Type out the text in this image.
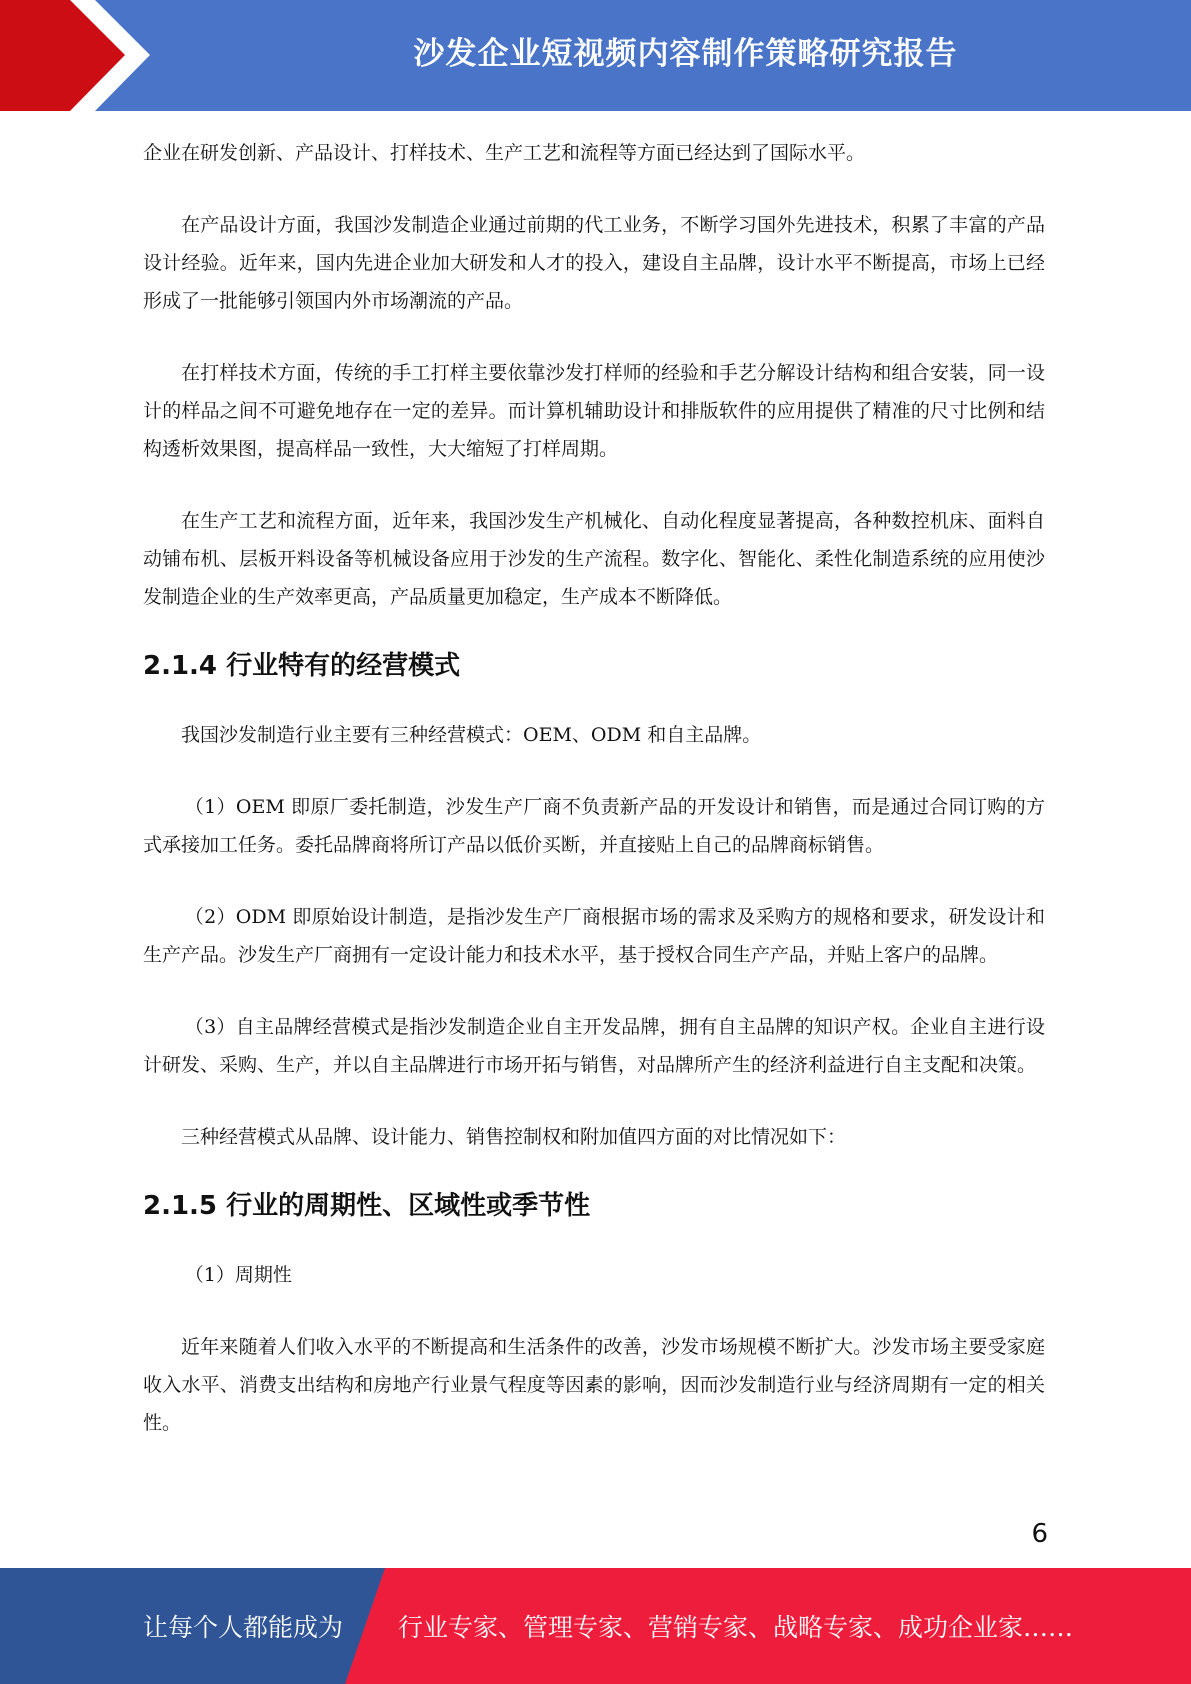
沙发企业短视频内容制作策略研究报告

企业在研发创新、产品设计、打样技术、生产工艺和流程等方面已经达到了国际水平。

在产品设计方面，我国沙发制造企业通过前期的代工业务，不断学习国外先进技术，积累了丰富的产品设计经验。近年来，国内先进企业加大研发和人才的投入，建设自主品牌，设计水平不断提高，市场上已经形成了一批能够引领国内外市场潮流的产品。

在打样技术方面，传统的手工打样主要依靠沙发打样师的经验和手艺分解设计结构和组合安装，同一设计的样品之间不可避免地存在一定的差异。而计算机辅助设计和排版软件的应用提供了精准的尺寸比例和结构透析效果图，提高样品一致性，大大缩短了打样周期。

在生产工艺和流程方面，近年来，我国沙发生产机械化、自动化程度显著提高，各种数控机床、面料自动铺布机、层板开料设备等机械设备应用于沙发的生产流程。数字化、智能化、柔性化制造系统的应用使沙发制造企业的生产效率更高，产品质量更加稳定，生产成本不断降低。

2.1.4 行业特有的经营模式

我国沙发制造行业主要有三种经营模式：OEM、ODM 和自主品牌。

（1）OEM 即原厂委托制造，沙发生产厂商不负责新产品的开发设计和销售，而是通过合同订购的方式承接加工任务。委托品牌商将所订产品以低价买断，并直接贴上自己的品牌商标销售。

（2）ODM 即原始设计制造，是指沙发生产厂商根据市场的需求及采购方的规格和要求，研发设计和生产产品。沙发生产厂商拥有一定设计能力和技术水平，基于授权合同生产产品，并贴上客户的品牌。

（3）自主品牌经营模式是指沙发制造企业自主开发品牌，拥有自主品牌的知识产权。企业自主进行设计研发、采购、生产，并以自主品牌进行市场开拓与销售，对品牌所产生的经济利益进行自主支配和决策。

三种经营模式从品牌、设计能力、销售控制权和附加值四方面的对比情况如下：

2.1.5 行业的周期性、区域性或季节性

（1）周期性

近年来随着人们收入水平的不断提高和生活条件的改善，沙发市场规模不断扩大。沙发市场主要受家庭收入水平、消费支出结构和房地产行业景气程度等因素的影响，因而沙发制造行业与经济周期有一定的相关性。

6
让每个人都能成为 行业专家、管理专家、营销专家、战略专家、成功企业家……
